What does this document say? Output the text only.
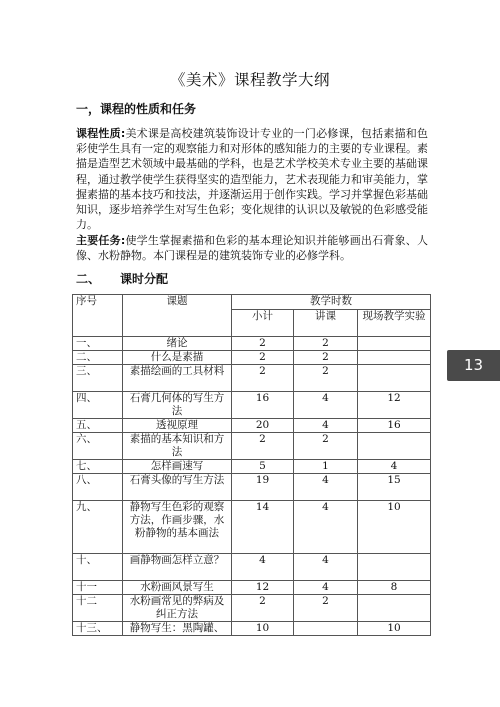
《美术》课程教学大纲
一，课程的性质和任务
课程性质:美术课是高校建筑装饰设计专业的一门必修课，包括素描和色彩使学生具有一定的观察能力和对形体的感知能力的主要的专业课程。素描是造型艺术领域中最基础的学科，也是艺术学校美术专业主要的基础课程，通过教学使学生获得坚实的造型能力，艺术表现能力和审美能力，掌握素描的基本技巧和技法，并逐渐运用于创作实践。学习并掌握色彩基础知识，逐步培养学生对写生色彩；变化规律的认识以及敏锐的色彩感受能力。
主要任务:使学生掌握素描和色彩的基本理论知识并能够画出石膏象、人像、水粉静物。本门课程是的建筑装饰专业的必修学科。
二、 课时分配
序号	课题	教学时数		
		小计	讲课	现场教学实验
一、	绪论	2	2	
二、	什么是素描	2	2	
三、	素描绘画的工具材料	2	2	
四、	石膏几何体的写生方法	16	4	12
五、	透视原理	20	4	16
六、	素描的基本知识和方法	2	2	
七、	怎样画速写	5	1	4
八、	石膏头像的写生方法	19	4	15
九、	静物写生色彩的观察方法，作画步骤，水粉静物的基本画法	14	4	10
十、	画静物画怎样立意？	4	4	
十一	水粉画风景写生	12	4	8
十二	水粉画常见的弊病及纠正方法	2	2	
十三、	静物写生：黑陶罐、	10		10
13
